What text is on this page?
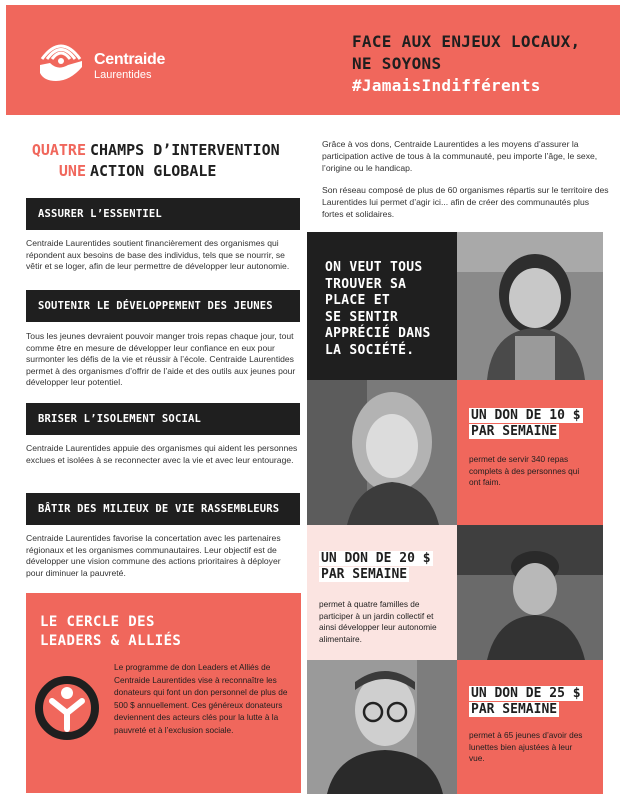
Centraide
Laurentides
FACE AUX ENJEUX LOCAUX,
NE SOYONS
#JamaisIndifférents
QUATRE CHAMPS D’INTERVENTION
UNE ACTION GLOBALE

Grâce à vos dons, Centraide Laurentides a les moyens d’assurer la participation active de tous à la communauté, peu importe l’âge, le sexe, l’origine ou le handicap.

Son réseau composé de plus de 60 organismes répartis sur le territoire des Laurentides lui permet d’agir ici... afin de créer des communautés plus fortes et solidaires.

ASSURER L’ESSENTIEL
Centraide Laurentides soutient financièrement des organismes qui répondent aux besoins de base des individus, tels que se nourrir, se vêtir et se loger, afin de leur permettre de développer leur autonomie.
SOUTENIR LE DÉVELOPPEMENT DES JEUNES
Tous les jeunes devraient pouvoir manger trois repas chaque jour, tout comme être en mesure de développer leur confiance en eux pour surmonter les défis de la vie et réussir à l’école. Centraide Laurentides permet à des organismes d’offrir de l’aide et des outils aux jeunes pour développer leur potentiel.
BRISER L’ISOLEMENT SOCIAL
Centraide Laurentides appuie des organismes qui aident les personnes exclues et isolées à se reconnecter avec la vie et avec leur entourage.
BÂTIR DES MILIEUX DE VIE RASSEMBLEURS
Centraide Laurentides favorise la concertation avec les partenaires régionaux et les organismes communautaires. Leur objectif est de développer une vision commune des actions prioritaires à déployer pour diminuer la pauvreté.
LE CERCLE DES
LEADERS & ALLIÉS
Le programme de don Leaders et Alliés de Centraide Laurentides vise à reconnaître les donateurs qui font un don personnel de plus de 500 $ annuellement. Ces généreux donateurs deviennent des acteurs clés pour la lutte à la pauvreté et à l’exclusion sociale.
ON VEUT TOUS
TROUVER SA
PLACE ET
SE SENTIR
APPRÉCIÉ DANS
LA SOCIÉTÉ.
UN DON DE 10 $
PAR SEMAINE
permet de servir 340 repas complets à des personnes qui ont faim.
UN DON DE 20 $
PAR SEMAINE
permet à quatre familles de participer à un jardin collectif et ainsi développer leur autonomie alimentaire.
UN DON DE 25 $
PAR SEMAINE
permet à 65 jeunes d’avoir des lunettes bien ajustées à leur vue.
